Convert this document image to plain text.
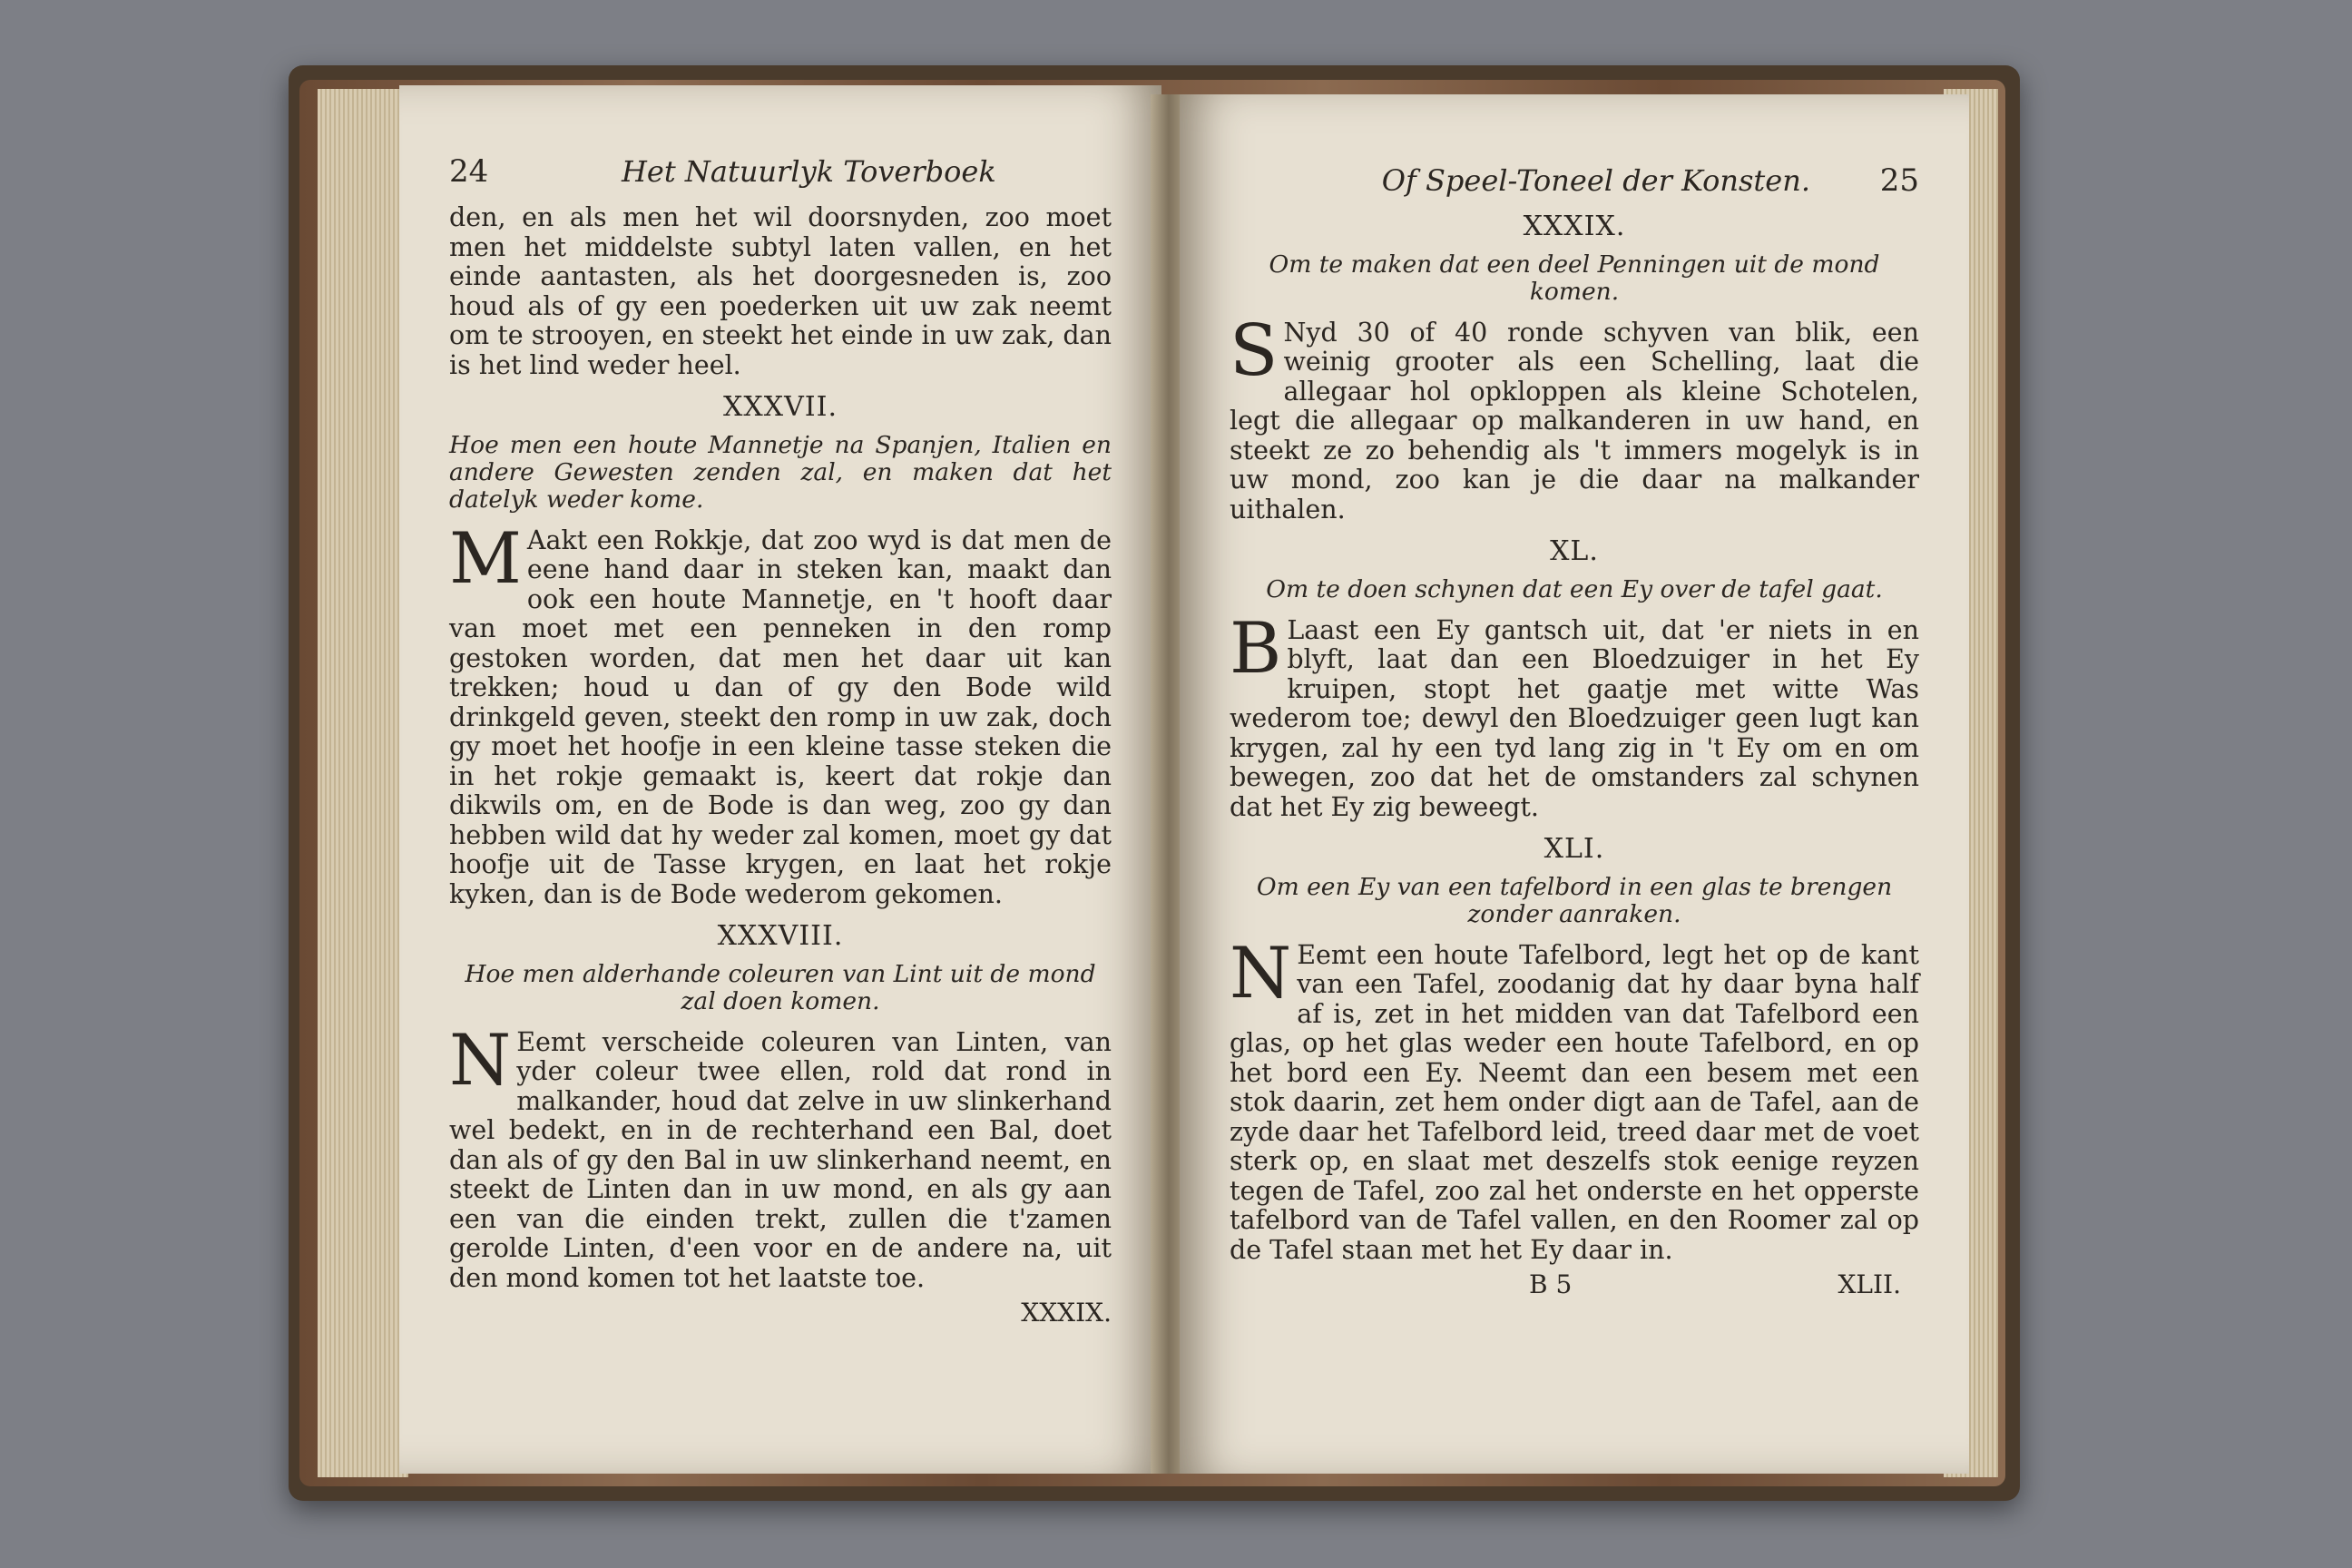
24	Het Natuurlyk Toverboek

den, en als men het wil doorsnyden, zoo moet men het middelste subtyl laten vallen, en het einde aantasten, als het doorgesneden is, zoo houd als of gy een poederken uit uw zak neemt om te strooyen, en steekt het einde in uw zak, dan is het lind weder heel.

XXXVII.
Hoe men een houte Mannetje na Spanjen, Italien en andere Gewesten zenden zal, en maken dat het datelyk weder kome.

M Aakt een Rokkje, dat zoo wyd is dat men de eene hand daar in steken kan, maakt dan ook een houte Mannetje, en 't hooft daar van moet met een penneken in den romp gestoken worden, dat men het daar uit kan trekken; houd u dan of gy den Bode wild drinkgeld geven, steekt den romp in uw zak, doch gy moet het hoofje in een kleine tasse steken die in het rokje gemaakt is, keert dat rokje dan dikwils om, en de Bode is dan weg, zoo gy dan hebben wild dat hy weder zal komen, moet gy dat hoofje uit de Tasse krygen, en laat het rokje kyken, dan is de Bode wederom gekomen.

XXXVIII.
Hoe men alderhande coleuren van Lint uit de mond zal doen komen.

N Eemt verscheide coleuren van Linten, van yder coleur twee ellen, rold dat rond in malkander, houd dat zelve in uw slinkerhand wel bedekt, en in de rechterhand een Bal, doet dan als of gy den Bal in uw slinkerhand neemt, en steekt de Linten dan in uw mond, en als gy aan een van die einden trekt, zullen die t'zamen gerolde Linten, d'een voor en de andere na, uit den mond komen tot het laatste toe.

XXXIX.
Of Speel-Toneel der Konsten. 25
XXXIX.
Om te maken dat een deel Penningen uit de mond komen.

S Nyd 30 of 40 ronde schyven van blik, een weinig grooter als een Schelling, laat die allegaar hol opkloppen als kleine Schotelen, legt die allegaar op malkanderen in uw hand, en steekt ze zo behendig als 't immers mogelyk is in uw mond, zoo kan je die daar na malkander uithalen.

XL.
Om te doen schynen dat een Ey over de tafel gaat.

B Laast een Ey gantsch uit, dat 'er niets in en blyft, laat dan een Bloedzuiger in het Ey kruipen, stopt het gaatje met witte Was wederom toe; dewyl den Bloedzuiger geen lugt kan krygen, zal hy een tyd lang zig in 't Ey om en om bewegen, zoo dat het de omstanders zal schynen dat het Ey zig beweegt.

XLI.
Om een Ey van een tafelbord in een glas te brengen zonder aanraken.

N Eemt een houte Tafelbord, legt het op de kant van een Tafel, zoodanig dat hy daar byna half af is, zet in het midden van dat Tafelbord een glas, op het glas weder een houte Tafelbord, en op het bord een Ey. Neemt dan een besem met een stok daarin, zet hem onder digt aan de Tafel, aan de zyde daar het Tafelbord leid, treed daar met de voet sterk op, en slaat met deszelfs stok eenige reyzen tegen de Tafel, zoo zal het onderste en het opperste tafelbord van de Tafel vallen, en den Roomer zal op de Tafel staan met het Ey daar in.

B 5	XLII.
